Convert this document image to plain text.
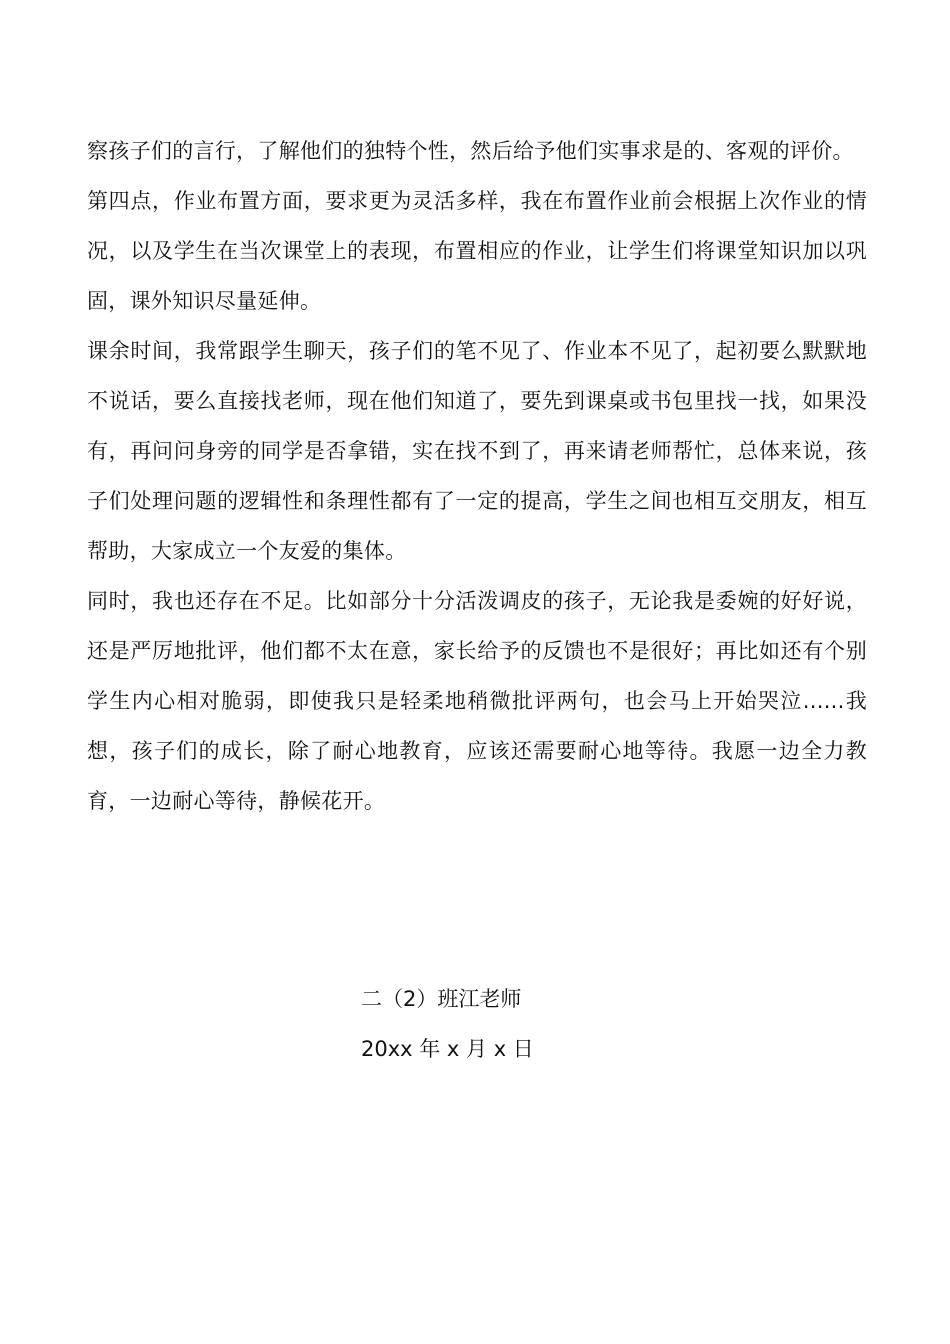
察孩子们的言行，了解他们的独特个性，然后给予他们实事求是的、客观的评价。

第四点，作业布置方面，要求更为灵活多样，我在布置作业前会根据上次作业的情况，以及学生在当次课堂上的表现，布置相应的作业，让学生们将课堂知识加以巩固，课外知识尽量延伸。

课余时间，我常跟学生聊天，孩子们的笔不见了、作业本不见了，起初要么默默地不说话，要么直接找老师，现在他们知道了，要先到课桌或书包里找一找，如果没有，再问问身旁的同学是否拿错，实在找不到了，再来请老师帮忙，总体来说，孩子们处理问题的逻辑性和条理性都有了一定的提高，学生之间也相互交朋友，相互帮助，大家成立一个友爱的集体。

同时，我也还存在不足。比如部分十分活泼调皮的孩子，无论我是委婉的好好说，还是严厉地批评，他们都不太在意，家长给予的反馈也不是很好；再比如还有个别学生内心相对脆弱，即使我只是轻柔地稍微批评两句，也会马上开始哭泣......我想，孩子们的成长，除了耐心地教育，应该还需要耐心地等待。我愿一边全力教育，一边耐心等待，静候花开。

二（2）班江老师

20xx 年 x 月 x 日
